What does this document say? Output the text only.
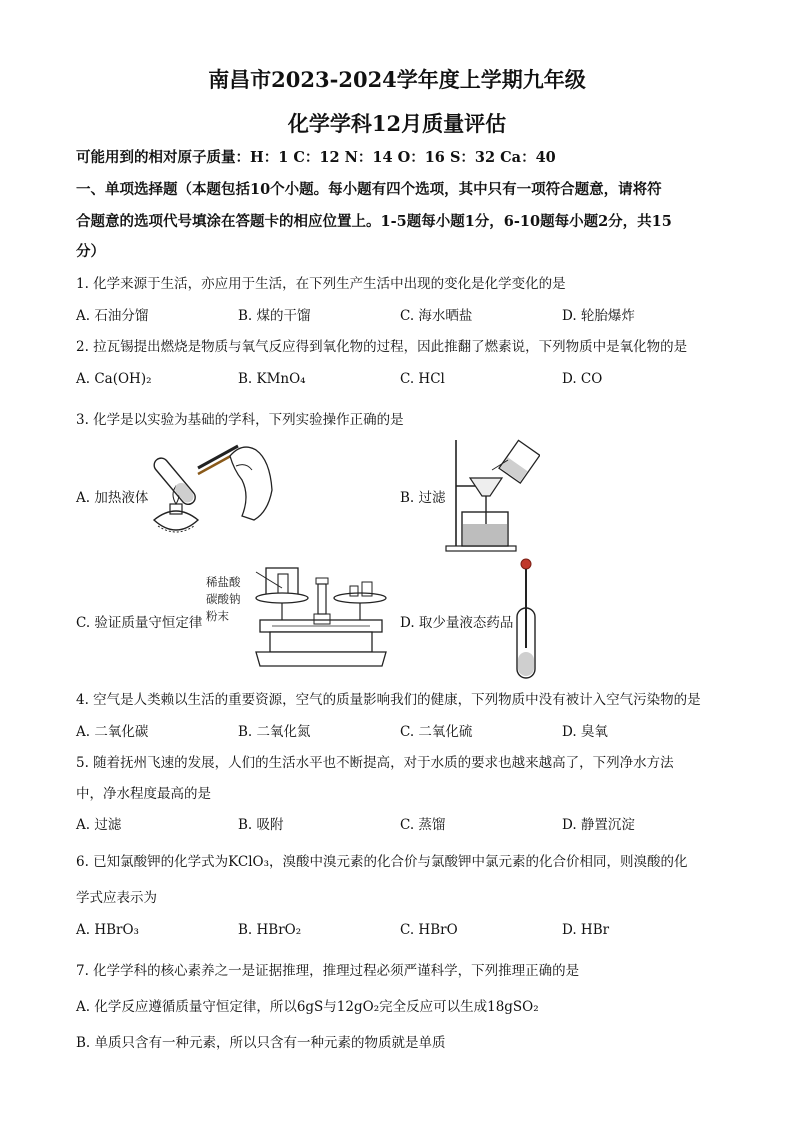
南昌市2023-2024学年度上学期九年级
化学学科12月质量评估
可能用到的相对原子质量：H：1 C：12 N：14 O：16 S：32 Ca：40
一、单项选择题（本题包括10个小题。每小题有四个选项，其中只有一项符合题意，请将符
合题意的选项代号填涂在答题卡的相应位置上。1-5题每小题1分，6-10题每小题2分，共15
分）
1. 化学来源于生活，亦应用于生活，在下列生产生活中出现的变化是化学变化的是
A. 石油分馏	B. 煤的干馏	C. 海水晒盐	D. 轮胎爆炸
2. 拉瓦锡提出燃烧是物质与氧气反应得到氧化物的过程，因此推翻了燃素说，下列物质中是氧化物的是
A. Ca(OH)₂	B. KMnO₄	C. HCl	D. CO
3. 化学是以实验为基础的学科，下列实验操作正确的是
A. 加热液体	B. 过滤
稀盐酸
碳酸钠
粉末
C. 验证质量守恒定律	D. 取少量液态药品
4. 空气是人类赖以生活的重要资源，空气的质量影响我们的健康，下列物质中没有被计入空气污染物的是
A. 二氧化碳	B. 二氧化氮	C. 二氧化硫	D. 臭氧
5. 随着抚州飞速的发展，人们的生活水平也不断提高，对于水质的要求也越来越高了，下列净水方法
中，净水程度最高的是
A. 过滤	B. 吸附	C. 蒸馏	D. 静置沉淀
6. 已知氯酸钾的化学式为KClO₃，溴酸中溴元素的化合价与氯酸钾中氯元素的化合价相同，则溴酸的化
学式应表示为
A. HBrO₃	B. HBrO₂	C. HBrO	D. HBr
7. 化学学科的核心素养之一是证据推理，推理过程必须严谨科学，下列推理正确的是
A. 化学反应遵循质量守恒定律，所以6gS与12gO₂完全反应可以生成18gSO₂
B. 单质只含有一种元素，所以只含有一种元素的物质就是单质
